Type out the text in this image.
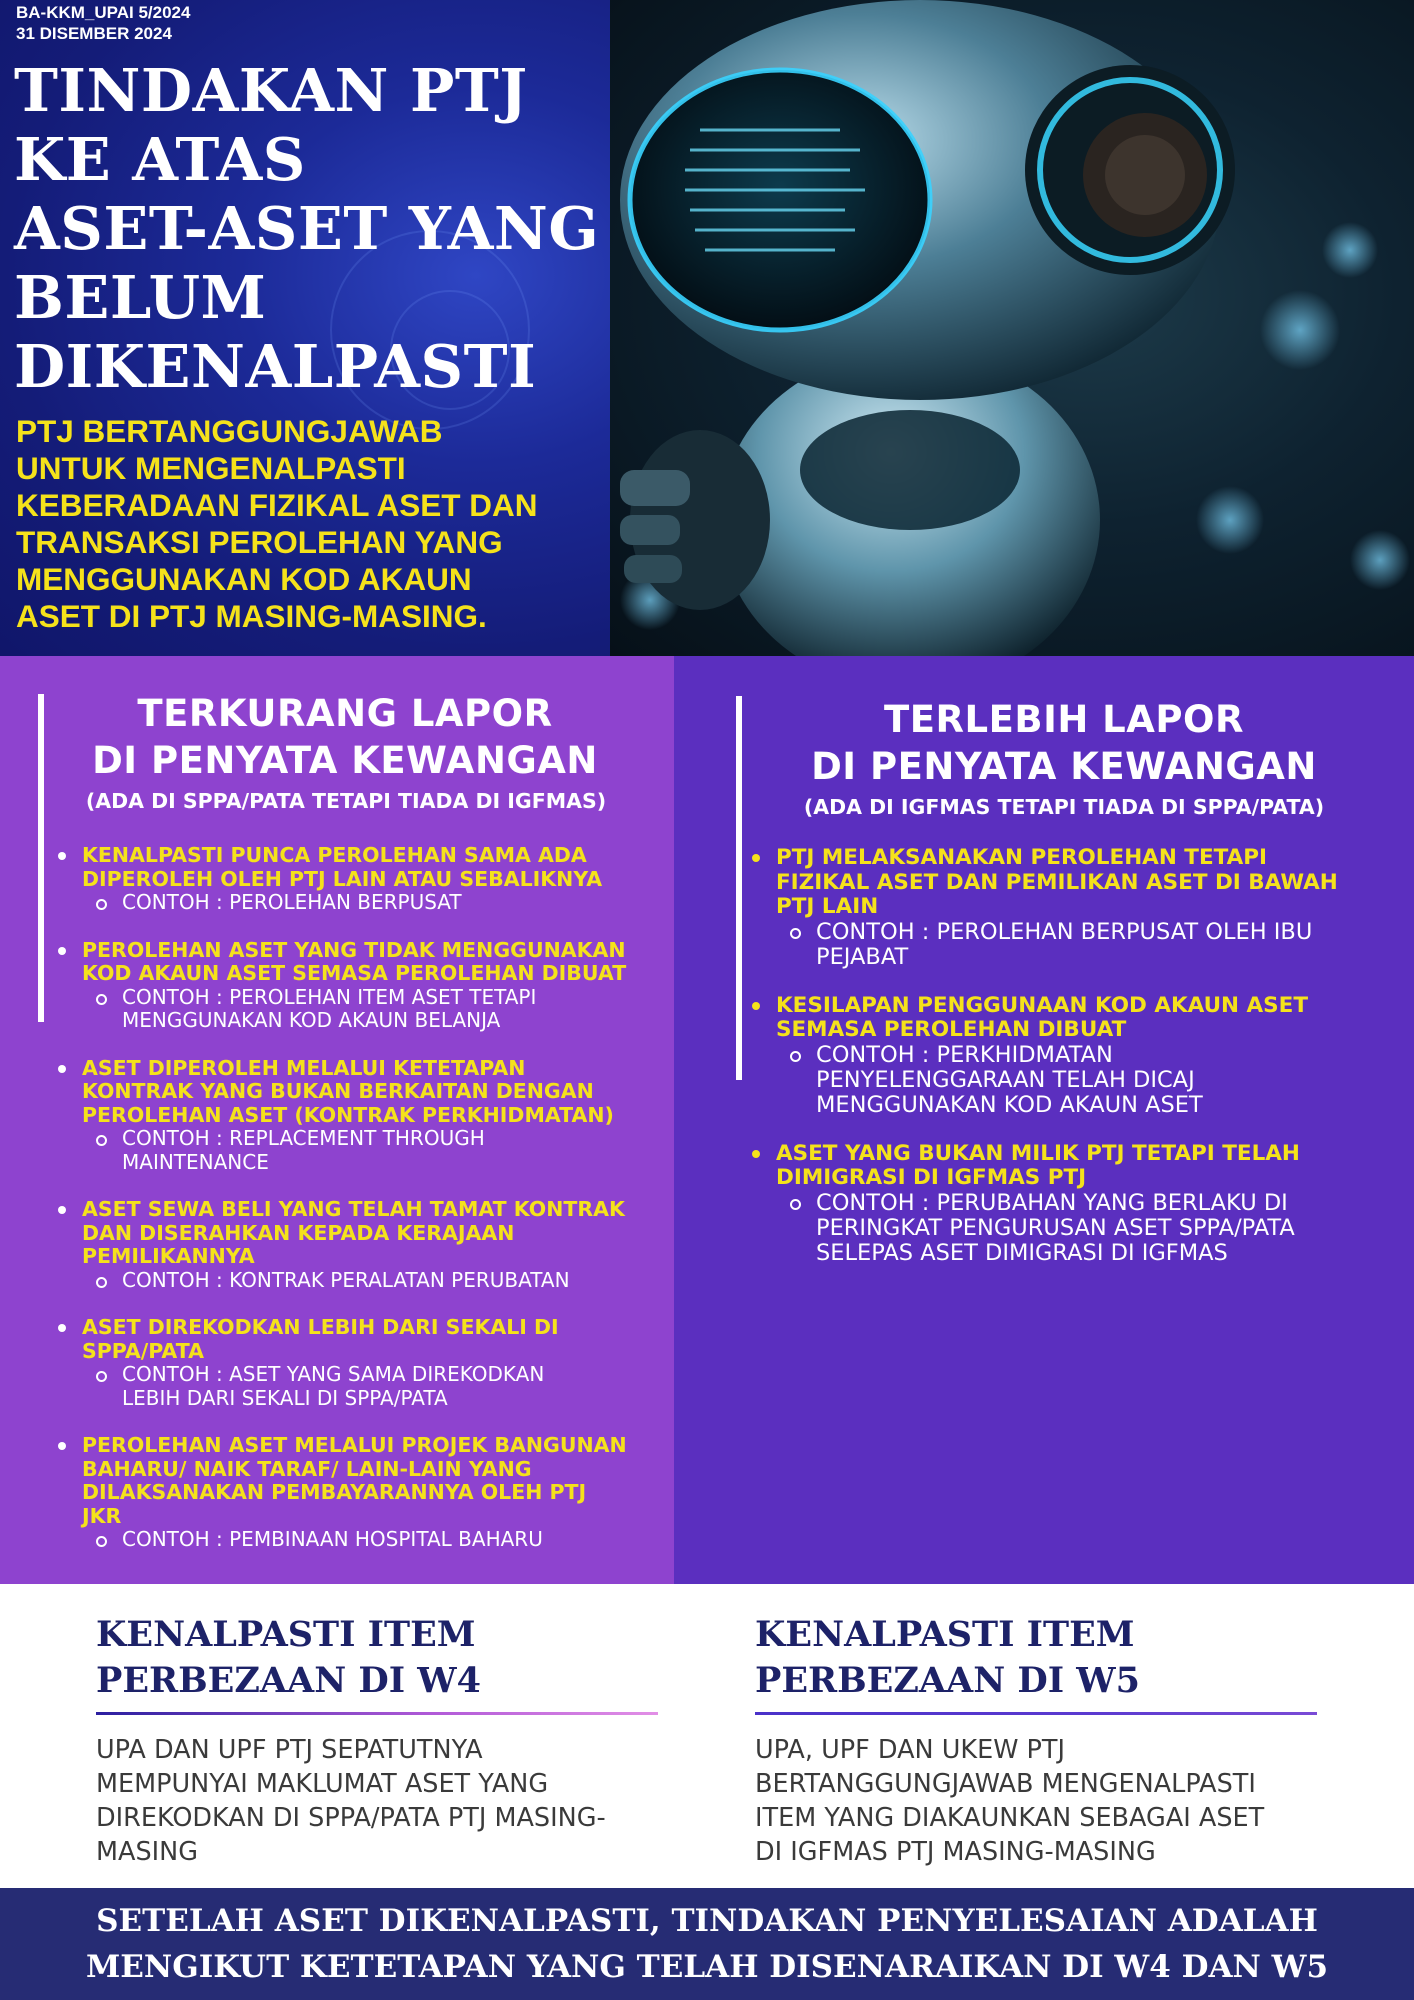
BA-KKM_UPAI 5/2024
31 DISEMBER 2024
TINDAKAN PTJ
KE ATAS
ASET-ASET YANG
BELUM
DIKENALPASTI
PTJ BERTANGGUNGJAWAB
UNTUK MENGENALPASTI
KEBERADAAN FIZIKAL ASET DAN
TRANSAKSI PEROLEHAN YANG
MENGGUNAKAN KOD AKAUN
ASET DI PTJ MASING-MASING.
TERKURANG LAPOR
DI PENYATA KEWANGAN
(ADA DI SPPA/PATA TETAPI TIADA DI IGFMAS)
KENALPASTI PUNCA PEROLEHAN SAMA ADA
DIPEROLEH OLEH PTJ LAIN ATAU SEBALIKNYA
CONTOH : PEROLEHAN BERPUSAT
PEROLEHAN ASET YANG TIDAK MENGGUNAKAN
KOD AKAUN ASET SEMASA PEROLEHAN DIBUAT
CONTOH : PEROLEHAN ITEM ASET TETAPI
MENGGUNAKAN KOD AKAUN BELANJA
ASET DIPEROLEH MELALUI KETETAPAN
KONTRAK YANG BUKAN BERKAITAN DENGAN
PEROLEHAN ASET (KONTRAK PERKHIDMATAN)
CONTOH : REPLACEMENT THROUGH
MAINTENANCE
ASET SEWA BELI YANG TELAH TAMAT KONTRAK
DAN DISERAHKAN KEPADA KERAJAAN
PEMILIKANNYA
CONTOH : KONTRAK PERALATAN PERUBATAN
ASET DIREKODKAN LEBIH DARI SEKALI DI
SPPA/PATA
CONTOH : ASET YANG SAMA DIREKODKAN
LEBIH DARI SEKALI DI SPPA/PATA
PEROLEHAN ASET MELALUI PROJEK BANGUNAN
BAHARU/ NAIK TARAF/ LAIN-LAIN YANG
DILAKSANAKAN PEMBAYARANNYA OLEH PTJ
JKR
CONTOH : PEMBINAAN HOSPITAL BAHARU
TERLEBIH LAPOR
DI PENYATA KEWANGAN
(ADA DI IGFMAS TETAPI TIADA DI SPPA/PATA)
PTJ MELAKSANAKAN PEROLEHAN TETAPI
FIZIKAL ASET DAN PEMILIKAN ASET DI BAWAH
PTJ LAIN
CONTOH : PEROLEHAN BERPUSAT OLEH IBU
PEJABAT
KESILAPAN PENGGUNAAN KOD AKAUN ASET
SEMASA PEROLEHAN DIBUAT
CONTOH : PERKHIDMATAN
PENYELENGGARAAN TELAH DICAJ
MENGGUNAKAN KOD AKAUN ASET
ASET YANG BUKAN MILIK PTJ TETAPI TELAH
DIMIGRASI DI IGFMAS PTJ
CONTOH : PERUBAHAN YANG BERLAKU DI
PERINGKAT PENGURUSAN ASET SPPA/PATA
SELEPAS ASET DIMIGRASI DI IGFMAS
KENALPASTI ITEM
PERBEZAAN DI W4
UPA DAN UPF PTJ SEPATUTNYA
MEMPUNYAI MAKLUMAT ASET YANG
DIREKODKAN DI SPPA/PATA PTJ MASING-
MASING
KENALPASTI ITEM
PERBEZAAN DI W5
UPA, UPF DAN UKEW PTJ
BERTANGGUNGJAWAB MENGENALPASTI
ITEM YANG DIAKAUNKAN SEBAGAI ASET
DI IGFMAS PTJ MASING-MASING
SETELAH ASET DIKENALPASTI, TINDAKAN PENYELESAIAN ADALAH
MENGIKUT KETETAPAN YANG TELAH DISENARAIKAN DI W4 DAN W5
